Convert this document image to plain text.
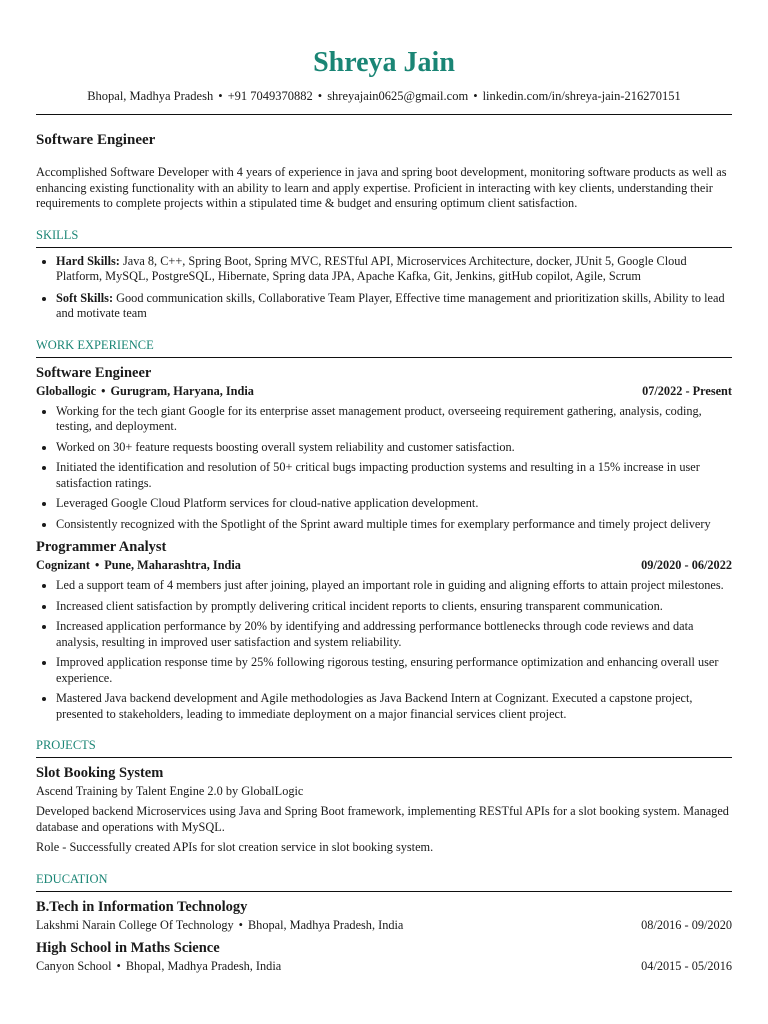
Shreya Jain
Bhopal, Madhya Pradesh • +91 7049370882 • shreyajain0625@gmail.com • linkedin.com/in/shreya-jain-216270151
Software Engineer
Accomplished Software Developer with 4 years of experience in java and spring boot development, monitoring software products as well as enhancing existing functionality with an ability to learn and apply expertise. Proficient in interacting with key clients, understanding their requirements to complete projects within a stipulated time & budget and ensuring optimum client satisfaction.
SKILLS
• Hard Skills: Java 8, C++, Spring Boot, Spring MVC, RESTful API, Microservices Architecture, docker, JUnit 5, Google Cloud Platform, MySQL, PostgreSQL, Hibernate, Spring data JPA, Apache Kafka, Git, Jenkins, gitHub copilot, Agile, Scrum
• Soft Skills: Good communication skills, Collaborative Team Player, Effective time management and prioritization skills, Ability to lead and motivate team
WORK EXPERIENCE
Software Engineer
Globallogic • Gurugram, Haryana, India	07/2022 - Present
• Working for the tech giant Google for its enterprise asset management product, overseeing requirement gathering, analysis, coding, testing, and deployment.
• Worked on 30+ feature requests boosting overall system reliability and customer satisfaction.
• Initiated the identification and resolution of 50+ critical bugs impacting production systems and resulting in a 15% increase in user satisfaction ratings.
• Leveraged Google Cloud Platform services for cloud-native application development.
• Consistently recognized with the Spotlight of the Sprint award multiple times for exemplary performance and timely project delivery
Programmer Analyst
Cognizant • Pune, Maharashtra, India	09/2020 - 06/2022
• Led a support team of 4 members just after joining, played an important role in guiding and aligning efforts to attain project milestones.
• Increased client satisfaction by promptly delivering critical incident reports to clients, ensuring transparent communication.
• Increased application performance by 20% by identifying and addressing performance bottlenecks through code reviews and data analysis, resulting in improved user satisfaction and system reliability.
• Improved application response time by 25% following rigorous testing, ensuring performance optimization and enhancing overall user experience.
• Mastered Java backend development and Agile methodologies as Java Backend Intern at Cognizant. Executed a capstone project, presented to stakeholders, leading to immediate deployment on a major financial services client project.
PROJECTS
Slot Booking System
Ascend Training by Talent Engine 2.0 by GlobalLogic
Developed backend Microservices using Java and Spring Boot framework, implementing RESTful APIs for a slot booking system. Managed database and operations with MySQL.
Role - Successfully created APIs for slot creation service in slot booking system.
EDUCATION
B.Tech in Information Technology
Lakshmi Narain College Of Technology • Bhopal, Madhya Pradesh, India	08/2016 - 09/2020
High School in Maths Science
Canyon School • Bhopal, Madhya Pradesh, India	04/2015 - 05/2016
